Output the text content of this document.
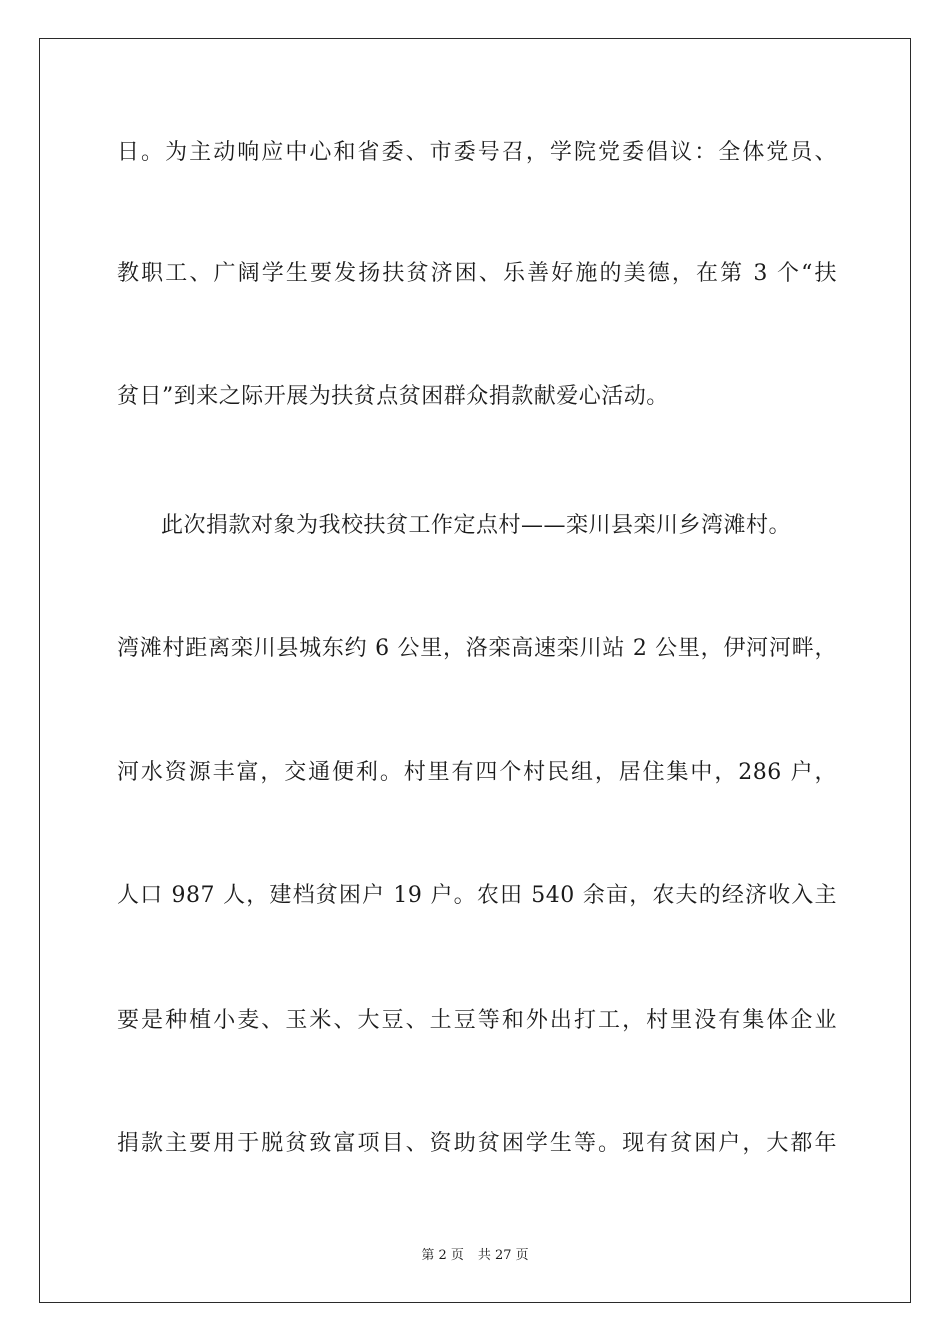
日。为主动响应中心和省委、市委号召，学院党委倡议：全体党员、
教职工、广阔学生要发扬扶贫济困、乐善好施的美德，在第 3 个“扶
贫日”到来之际开展为扶贫点贫困群众捐款献爱心活动。
此次捐款对象为我校扶贫工作定点村——栾川县栾川乡湾滩村。
湾滩村距离栾川县城东约 6 公里，洛栾高速栾川站 2 公里，伊河河畔，
河水资源丰富，交通便利。村里有四个村民组，居住集中，286 户，
人口 987 人，建档贫困户 19 户。农田 540 余亩，农夫的经济收入主
要是种植小麦、玉米、大豆、土豆等和外出打工，村里没有集体企业
捐款主要用于脱贫致富项目、资助贫困学生等。现有贫困户，大都年
第 2 页 共 27 页
